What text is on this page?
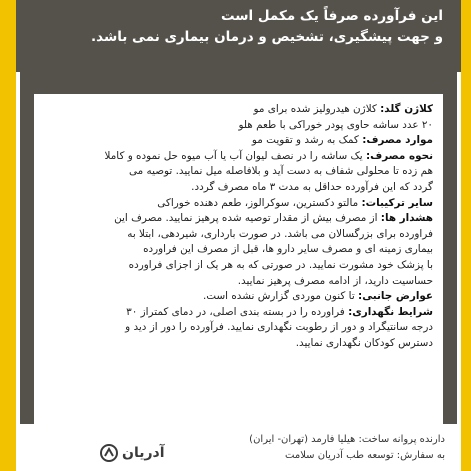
این فرآورده صرفاً یک مکمل است
و جهت پیشگیری، تشخیص و درمان بیماری نمی باشد.
کلاژن گلد: کلاژن هیدرولیز شده برای مو
۲۰ عدد ساشه حاوی پودر خوراکی با طعم هلو
موارد مصرف: کمک به رشد و تقویت مو
نحوه مصرف: یک ساشه را در نصف لیوان آب یا آب میوه حل نموده و کاملا
هم زده تا محلولی شفاف به دست آید و بلافاصله میل نمایید. توصیه می
گردد که این فرآورده حداقل به مدت ۳ ماه مصرف گردد.
سایر ترکیبات: مالتو دکسترین، سوکرالوز، طعم دهنده خوراکی
هشدار ها: از مصرف بیش از مقدار توصیه شده پرهیز نمایید. مصرف این
فراورده برای بزرگسالان می باشد. در صورت بارداری، شیردهی، ابتلا به
بیماری زمینه ای و مصرف سایر دارو ها، قبل از مصرف این فراورده
با پزشک خود مشورت نمایید. در صورتی که به هر یک از اجزای فراورده
حساسیت دارید، از ادامه مصرف پرهیز نمایید.
عوارض جانبی: تا کنون موردی گزارش نشده است.
شرایط نگهداری: فراورده را در بسته بندی اصلی، در دمای کمتراز ۳۰
درجه سانتیگراد و دور از رطوبت نگهداری نمایید. فرآورده را دور از دید و
دسترس کودکان نگهداری نمایید.
دارنده پروانه ساخت: هیلیا فارمد (تهران- ایران)
به سفارش: توسعه طب آدریان سلامت
آدریان
